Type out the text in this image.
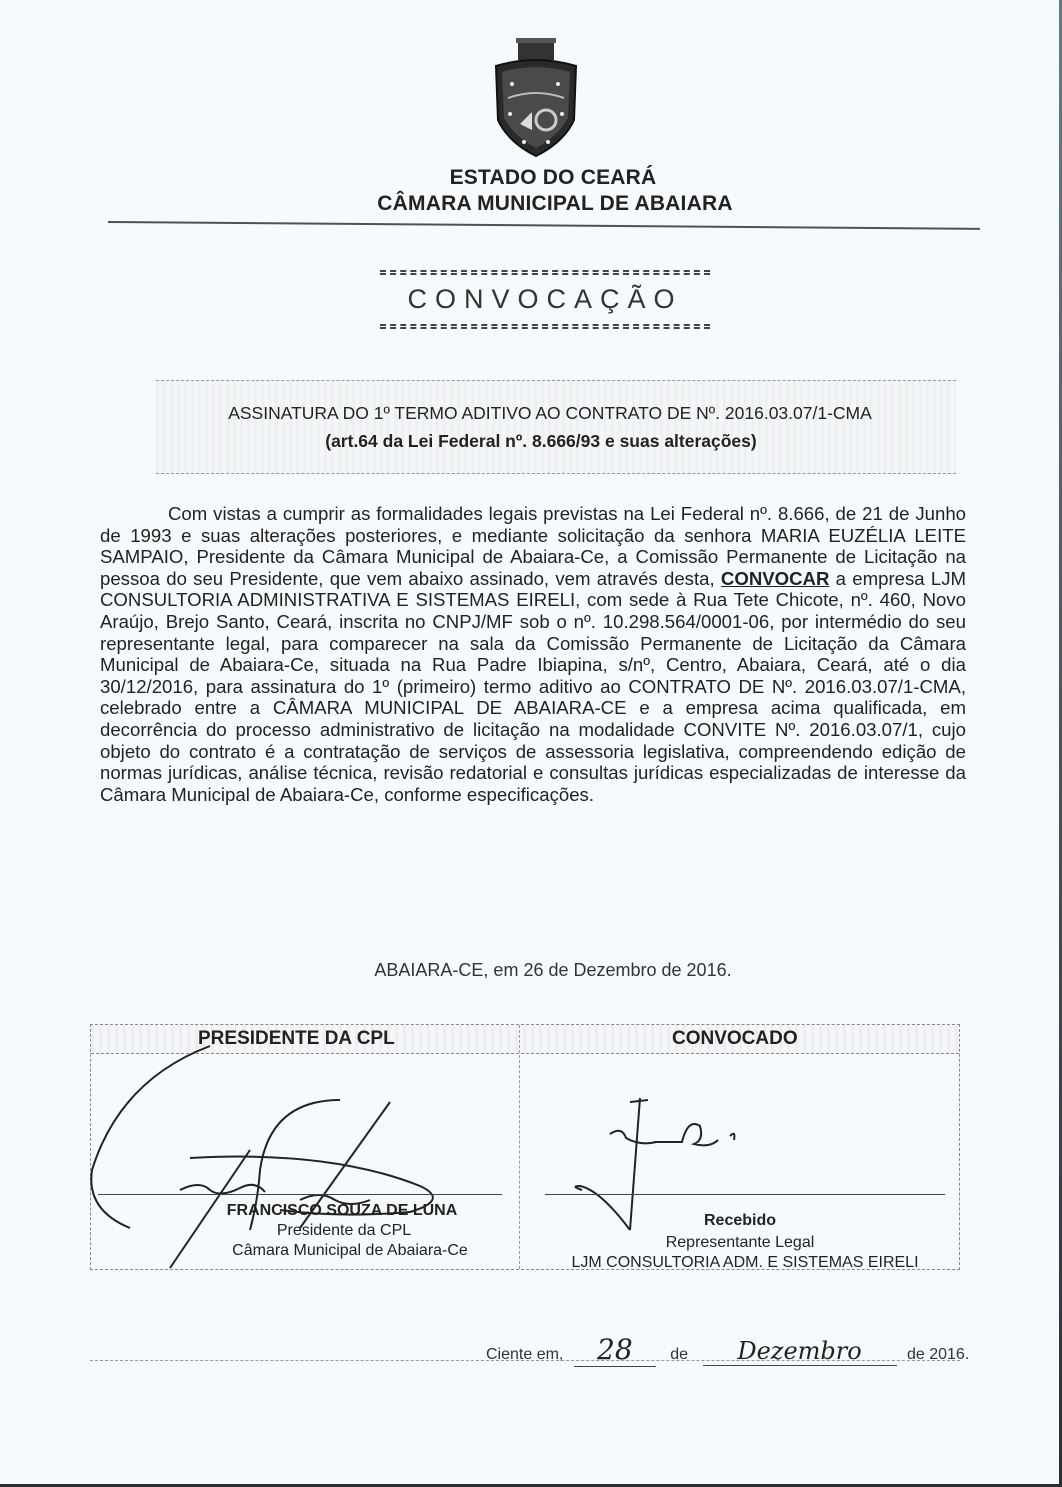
ESTADO DO CEARÁ
CÂMARA MUNICIPAL DE ABAIARA
CONVOCAÇÃO
ASSINATURA DO 1º TERMO ADITIVO AO CONTRATO DE Nº. 2016.03.07/1-CMA
(art.64 da Lei Federal nº. 8.666/93 e suas alterações)
Com vistas a cumprir as formalidades legais previstas na Lei Federal nº. 8.666, de 21 de Junho de 1993 e suas alterações posteriores, e mediante solicitação da senhora MARIA EUZÉLIA LEITE SAMPAIO, Presidente da Câmara Municipal de Abaiara-Ce, a Comissão Permanente de Licitação na pessoa do seu Presidente, que vem abaixo assinado, vem através desta, CONVOCAR a empresa LJM CONSULTORIA ADMINISTRATIVA E SISTEMAS EIRELI, com sede à Rua Tete Chicote, nº. 460, Novo Araújo, Brejo Santo, Ceará, inscrita no CNPJ/MF sob o nº. 10.298.564/0001-06, por intermédio do seu representante legal, para comparecer na sala da Comissão Permanente de Licitação da Câmara Municipal de Abaiara-Ce, situada na Rua Padre Ibiapina, s/nº, Centro, Abaiara, Ceará, até o dia 30/12/2016, para assinatura do 1º (primeiro) termo aditivo ao CONTRATO DE Nº. 2016.03.07/1-CMA, celebrado entre a CÂMARA MUNICIPAL DE ABAIARA-CE e a empresa acima qualificada, em decorrência do processo administrativo de licitação na modalidade CONVITE Nº. 2016.03.07/1, cujo objeto do contrato é a contratação de serviços de assessoria legislativa, compreendendo edição de normas jurídicas, análise técnica, revisão redatorial e consultas jurídicas especializadas de interesse da Câmara Municipal de Abaiara-Ce, conforme especificações.
ABAIARA-CE, em 26 de Dezembro de 2016.
PRESIDENTE DA CPL	CONVOCADO
FRANCISCO SOUZA DE LUNA
Presidente da CPL
Câmara Municipal de Abaiara-Ce
Recebido
Representante Legal
LJM CONSULTORIA ADM. E SISTEMAS EIRELI
Ciente em, 28 de Dezembro	de 2016.
